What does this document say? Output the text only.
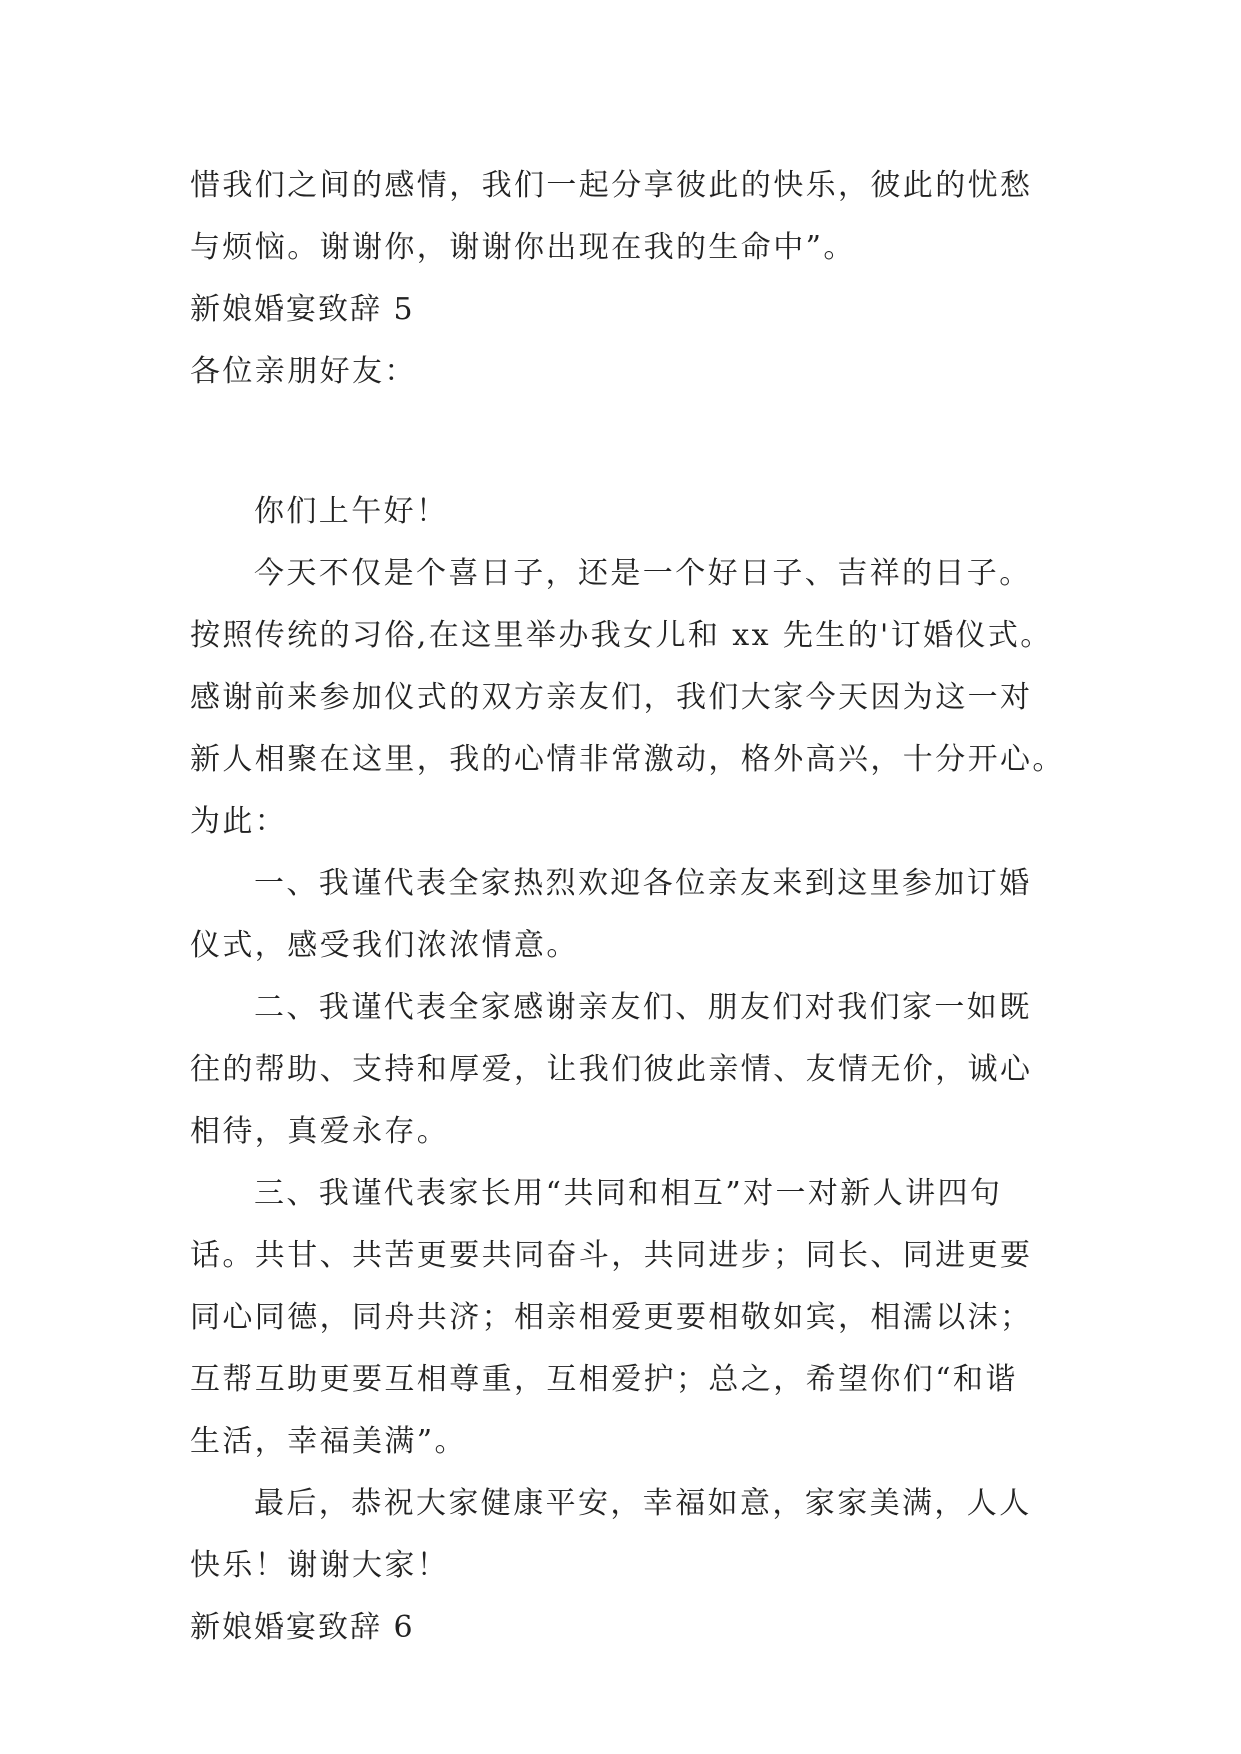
惜我们之间的感情，我们一起分享彼此的快乐，彼此的忧愁
与烦恼。谢谢你，谢谢你出现在我的生命中”。
新娘婚宴致辞 5
各位亲朋好友：
你们上午好！
今天不仅是个喜日子，还是一个好日子、吉祥的日子。
按照传统的习俗,在这里举办我女儿和 xx 先生的'订婚仪式。
感谢前来参加仪式的双方亲友们，我们大家今天因为这一对
新人相聚在这里，我的心情非常激动，格外高兴，十分开心。
为此：
一、我谨代表全家热烈欢迎各位亲友来到这里参加订婚
仪式，感受我们浓浓情意。
二、我谨代表全家感谢亲友们、朋友们对我们家一如既
往的帮助、支持和厚爱，让我们彼此亲情、友情无价，诚心
相待，真爱永存。
三、我谨代表家长用“共同和相互”对一对新人讲四句
话。共甘、共苦更要共同奋斗，共同进步；同长、同进更要
同心同德，同舟共济；相亲相爱更要相敬如宾，相濡以沫；
互帮互助更要互相尊重，互相爱护；总之，希望你们“和谐
生活，幸福美满”。
最后，恭祝大家健康平安，幸福如意，家家美满，人人
快乐！谢谢大家！
新娘婚宴致辞 6
